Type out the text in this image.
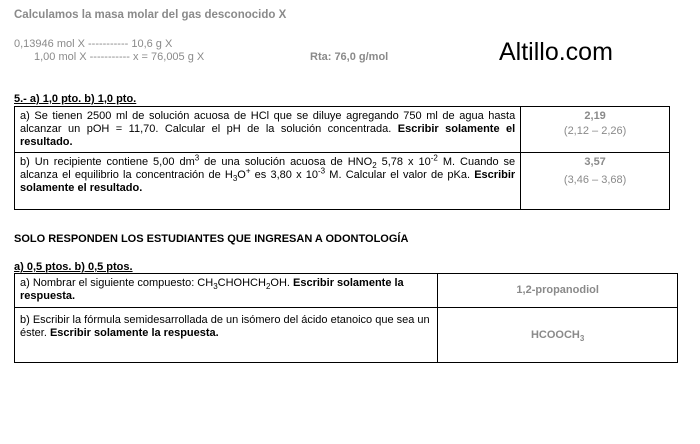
Calculamos la masa molar del gas desconocido X
0,13946 mol X ----------- 10,6 g X
1,00 mol X ----------- x = 76,005 g X	Rta: 76,0 g/mol	Altillo.com
5.- a) 1,0 pto. b) 1,0 pto.
a) Se tienen 2500 ml de solución acuosa de HCl que se diluye agregando 750 ml de agua hasta alcanzar un pOH = 11,70. Calcular el pH de la solución concentrada. Escribir solamente el resultado.	2,19
(2,12 – 2,26)

b) Un recipiente contiene 5,00 $dm^3$ de una solución acuosa de $HNO_2$ 5,78 x $10^{-2}$ M. Cuando se alcanza el equilibrio la concentración de $H_3O^+$ es 3,80 x $10^{-3}$ M. Calcular el valor de pKa. Escribir solamente el resultado.	3,57
(3,46 – 3,68)
SOLO RESPONDEN LOS ESTUDIANTES QUE INGRESAN A ODONTOLOGÍA
a) 0,5 ptos. b) 0,5 ptos.
a) Nombrar el siguiente compuesto: $CH_3CHOHCH_2OH$. Escribir solamente la respuesta.	1,2-propanodiol
b) Escribir la fórmula semidesarrollada de un isómero del ácido etanoico que sea un éster. Escribir solamente la respuesta.	$HCOOCH_3$
